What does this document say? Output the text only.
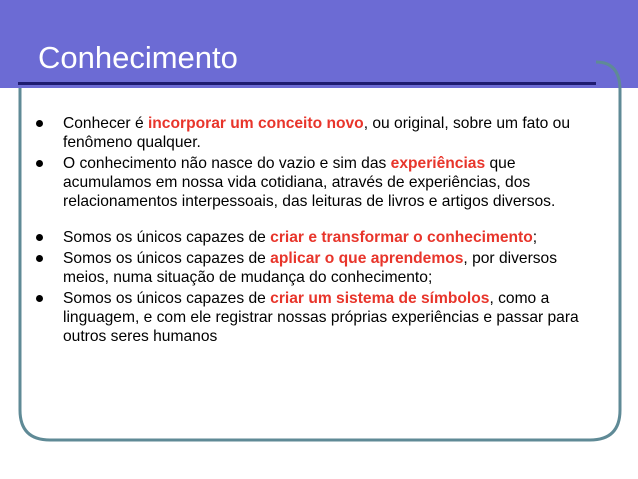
Conhecimento
Conhecer é incorporar um conceito novo, ou original, sobre um fato ou fenômeno qualquer.
O conhecimento não nasce do vazio e sim das experiências que acumulamos em nossa vida cotidiana, através de experiências, dos relacionamentos interpessoais, das leituras de livros e artigos diversos.
Somos os únicos capazes de criar e transformar o conhecimento;
Somos os únicos capazes de aplicar o que aprendemos, por diversos meios, numa situação de mudança do conhecimento;
Somos os únicos capazes de criar um sistema de símbolos, como a linguagem, e com ele registrar nossas próprias experiências e passar para outros seres humanos
